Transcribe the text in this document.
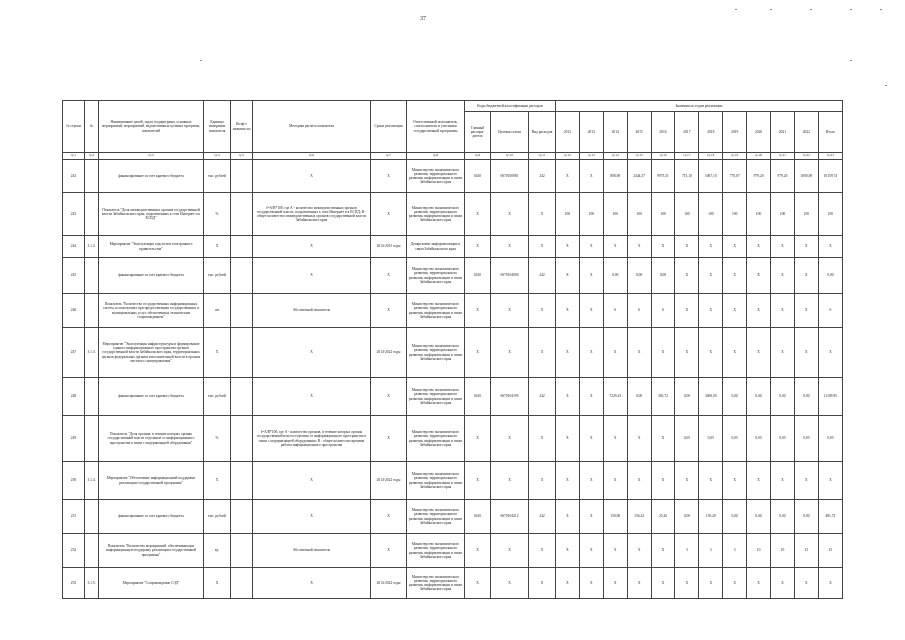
37
№ строки	№	Наименование целей, задач, подпрограмм, основных мероприятий, мероприятий, ведомственных целевых программ, показателей	Единица измерения показателя	Коэф-т значимости	Методика расчета показателя	Сроки реализации	Ответственный исполнитель, соисполнитель и участники государственной программы	Коды бюджетной классификации расходов			Значения по годам реализации											
								Главный распоря- дитель	Целевая статья	Вид расходов	2012	2013	2014	2015	2016	2017	2018	2019	2020	2021	2022	Итого
гр.1	гр.2	гр.3	гр.4	гр.5	гр.6	гр.7	гр.8	гр.9	гр.10	гр.11	гр.12	гр.13	гр.14	гр.15	гр.16	гр.17	гр.18	гр.19	гр.20	гр.21	гр.22	гр.23
243		финансирование за счет краевого бюджета	тыс. рублей		X	X	Министерство экономического развития, территориального развития, информатизации и связи Забайкальского края	0410	0670100081	242	X	X	808,00	2444,57	9975,51	715,10	1067,10	770,07	979,20	979,20	1000,00	10159,74
243		Показатель "Доля межведомственных органов государственной власти Забайкальского края, подключенных к сети Интернет и к ЕСПД"	%		I=A/B*100, где А - количество межведомственных органов государственной власти, подключенных к сети Интернет и к ЕСПД; В - общее количество межведомственных органов государственной власти Забайкальского края	X	Министерство экономического развития, территориального развития, информатизации и связи Забайкальского края	X	X	X	100	100	100	100	100	100	100	100	100	100	100	100
244	3.1.2.	Мероприятие "Эксплуатация подсистем электронного правительства"	X		X	2014-2015 годы	Департамент информатизации и связи Забайкальского края	X	X	X	X	X	X	X	X	X	X	X	X	X	X	X
245		финансирование за счет краевого бюджета	тыс. рублей		X	X	Министерство экономического развития, территориального развития, информатизации и связи Забайкальского края	0410	0670104000	242	X	X	0,00	0,00	0,00	X	X	X	X	X	X	0,00
246		Показатель "Количество государственных информационных систем, используемых при предоставлении государственных и муниципальных услуг, обеспеченных техническим сопровождением"	шт		Абсолютный показатель	X	Министерство экономического развития, территориального развития, информатизации и связи Забайкальского края	X	X	X	X	X	6	6	6	X	X	X	X	X	X	6
247	3.1.3.	Мероприятие "Эксплуатация инфраструктуры и формирование единого информационного пространства органов государственной власти Забайкальского края, территориальных органов федеральных органов исполнительной власти в органах местного самоуправления"	X		X	2014-2022 годы	Министерство экономического развития, территориального развития, информатизации и связи Забайкальского края	X	X	X	X	X	X	X	X	X	X	X	X	X	X	X
248		финансирование за счет краевого бюджета	тыс. рублей		X	X	Министерство экономического развития, территориального развития, информатизации и связи Забайкальского края	0410	0670104195	242	X	X	7229,23	0,00	365,72	0,00	3400,00	0,00	0,00	0,00	0,00	11109,95
249		Показатель "Доля органов, в течение которых органы государственной власти отдельные от информационного пространства в связи с модернизацией оборудования"	%		I=A/B*100, где А - количество органов, в течение которых органы государственной власти отделены от информационного пространства в связи с модернизацией оборудования; В - общее количество времени работы информационного пространства	X	Министерство экономического развития, территориального развития, информатизации и связи Забайкальского края	X	X	X	X	X	X	X	X	0,05	0,05	0,05	0,05	0,05	0,05	0,05
250	3.1.4.	Мероприятие "Обеспечение информационной поддержки реализации государственной программы"	X		X	2014-2022 годы	Министерство экономического развития, территориального развития, информатизации и связи Забайкальского края	X	X	X	X	X	X	X	X	X	X	X	X	X	X	X
251		финансирование за счет краевого бюджета	тыс. рублей		X	X	Министерство экономического развития, территориального развития, информатизации и связи Забайкальского края	0410	0670104212	242	X	X	150,00	156,32	25,20	0,00	150,20	0,00	0,00	0,00	0,00	481,72
252		Показатель "Количество мероприятий, обеспечивающих информационную поддержку реализации государственной программы"	ед.		Абсолютный показатель	X	Министерство экономического развития, территориального развития, информатизации и связи Забайкальского края	X	X	X	X	X	X	X	X	3	3	3	10	10	15	15
253	3.1.5.	Мероприятие "Сопровождение СЭД"	X		X	2014-2022 годы	Министерство экономического развития, территориального развития, информатизации и связи Забайкальского края	X	X	X	X	X	X	X	X	X	X	X	X	X	X	X
